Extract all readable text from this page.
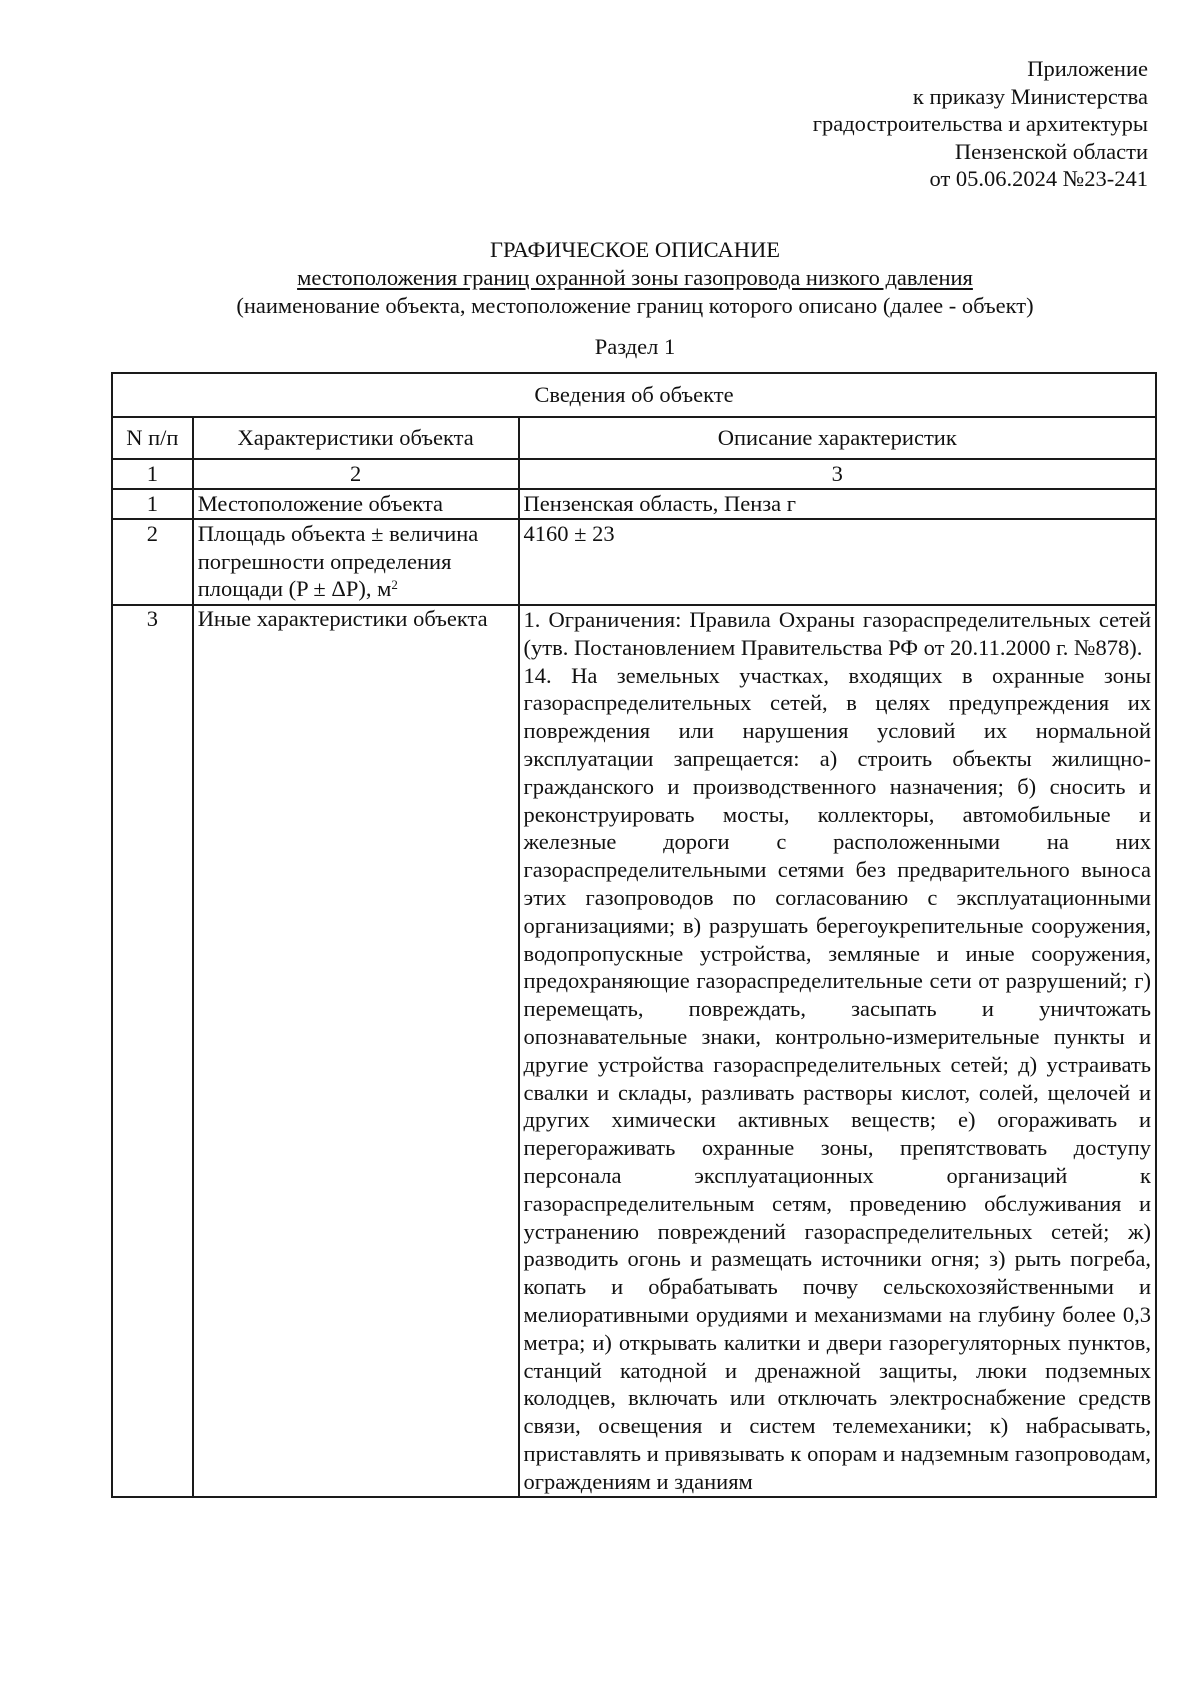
Приложение
к приказу Министерства
градостроительства и архитектуры
Пензенской области
от 05.06.2024 №23-241
ГРАФИЧЕСКОЕ ОПИСАНИЕ
местоположения границ охранной зоны газопровода низкого давления
(наименование объекта, местоположение границ которого описано (далее - объект)
Раздел 1
Сведения об объекте		
N п/п	Характеристики объекта	Описание характеристик
1	2	3
1	Местоположение объекта	Пензенская область, Пенза г
2	Площадь объекта ± величина погрешности определения площади (P ± ΔP), $м^2$	4160 ± 23
3	Иные характеристики объекта	1. Ограничения: Правила Охраны газораспределительных сетей (утв. Постановлением Правительства РФ от 20.11.2000 г. №878).

14. На земельных участках, входящих в охранные зоны газораспределительных сетей, в целях предупреждения их повреждения или нарушения условий их нормальной эксплуатации запрещается: а) строить объекты жилищно-гражданского и производственного назначения; б) сносить и реконструировать мосты, коллекторы, автомобильные и железные дороги с расположенными на них газораспределительными сетями без предварительного выноса этих газопроводов по согласованию с эксплуатационными организациями; в) разрушать берегоукрепительные сооружения, водопропускные устройства, земляные и иные сооружения, предохраняющие газораспределительные сети от разрушений; г) перемещать, повреждать, засыпать и уничтожать опознавательные знаки, контрольно-измерительные пункты и другие устройства газораспределительных сетей; д) устраивать свалки и склады, разливать растворы кислот, солей, щелочей и других химически активных веществ; е) огораживать и перегораживать охранные зоны, препятствовать доступу персонала эксплуатационных организаций к газораспределительным сетям, проведению обслуживания и устранению повреждений газораспределительных сетей; ж) разводить огонь и размещать источники огня; з) рыть погреба, копать и обрабатывать почву сельскохозяйственными и мелиоративными орудиями и механизмами на глубину более 0,3 метра; и) открывать калитки и двери газорегуляторных пунктов, станций катодной и дренажной защиты, люки подземных колодцев, включать или отключать электроснабжение средств связи, освещения и систем телемеханики; к) набрасывать, приставлять и привязывать к опорам и надземным газопроводам, ограждениям и зданиям
